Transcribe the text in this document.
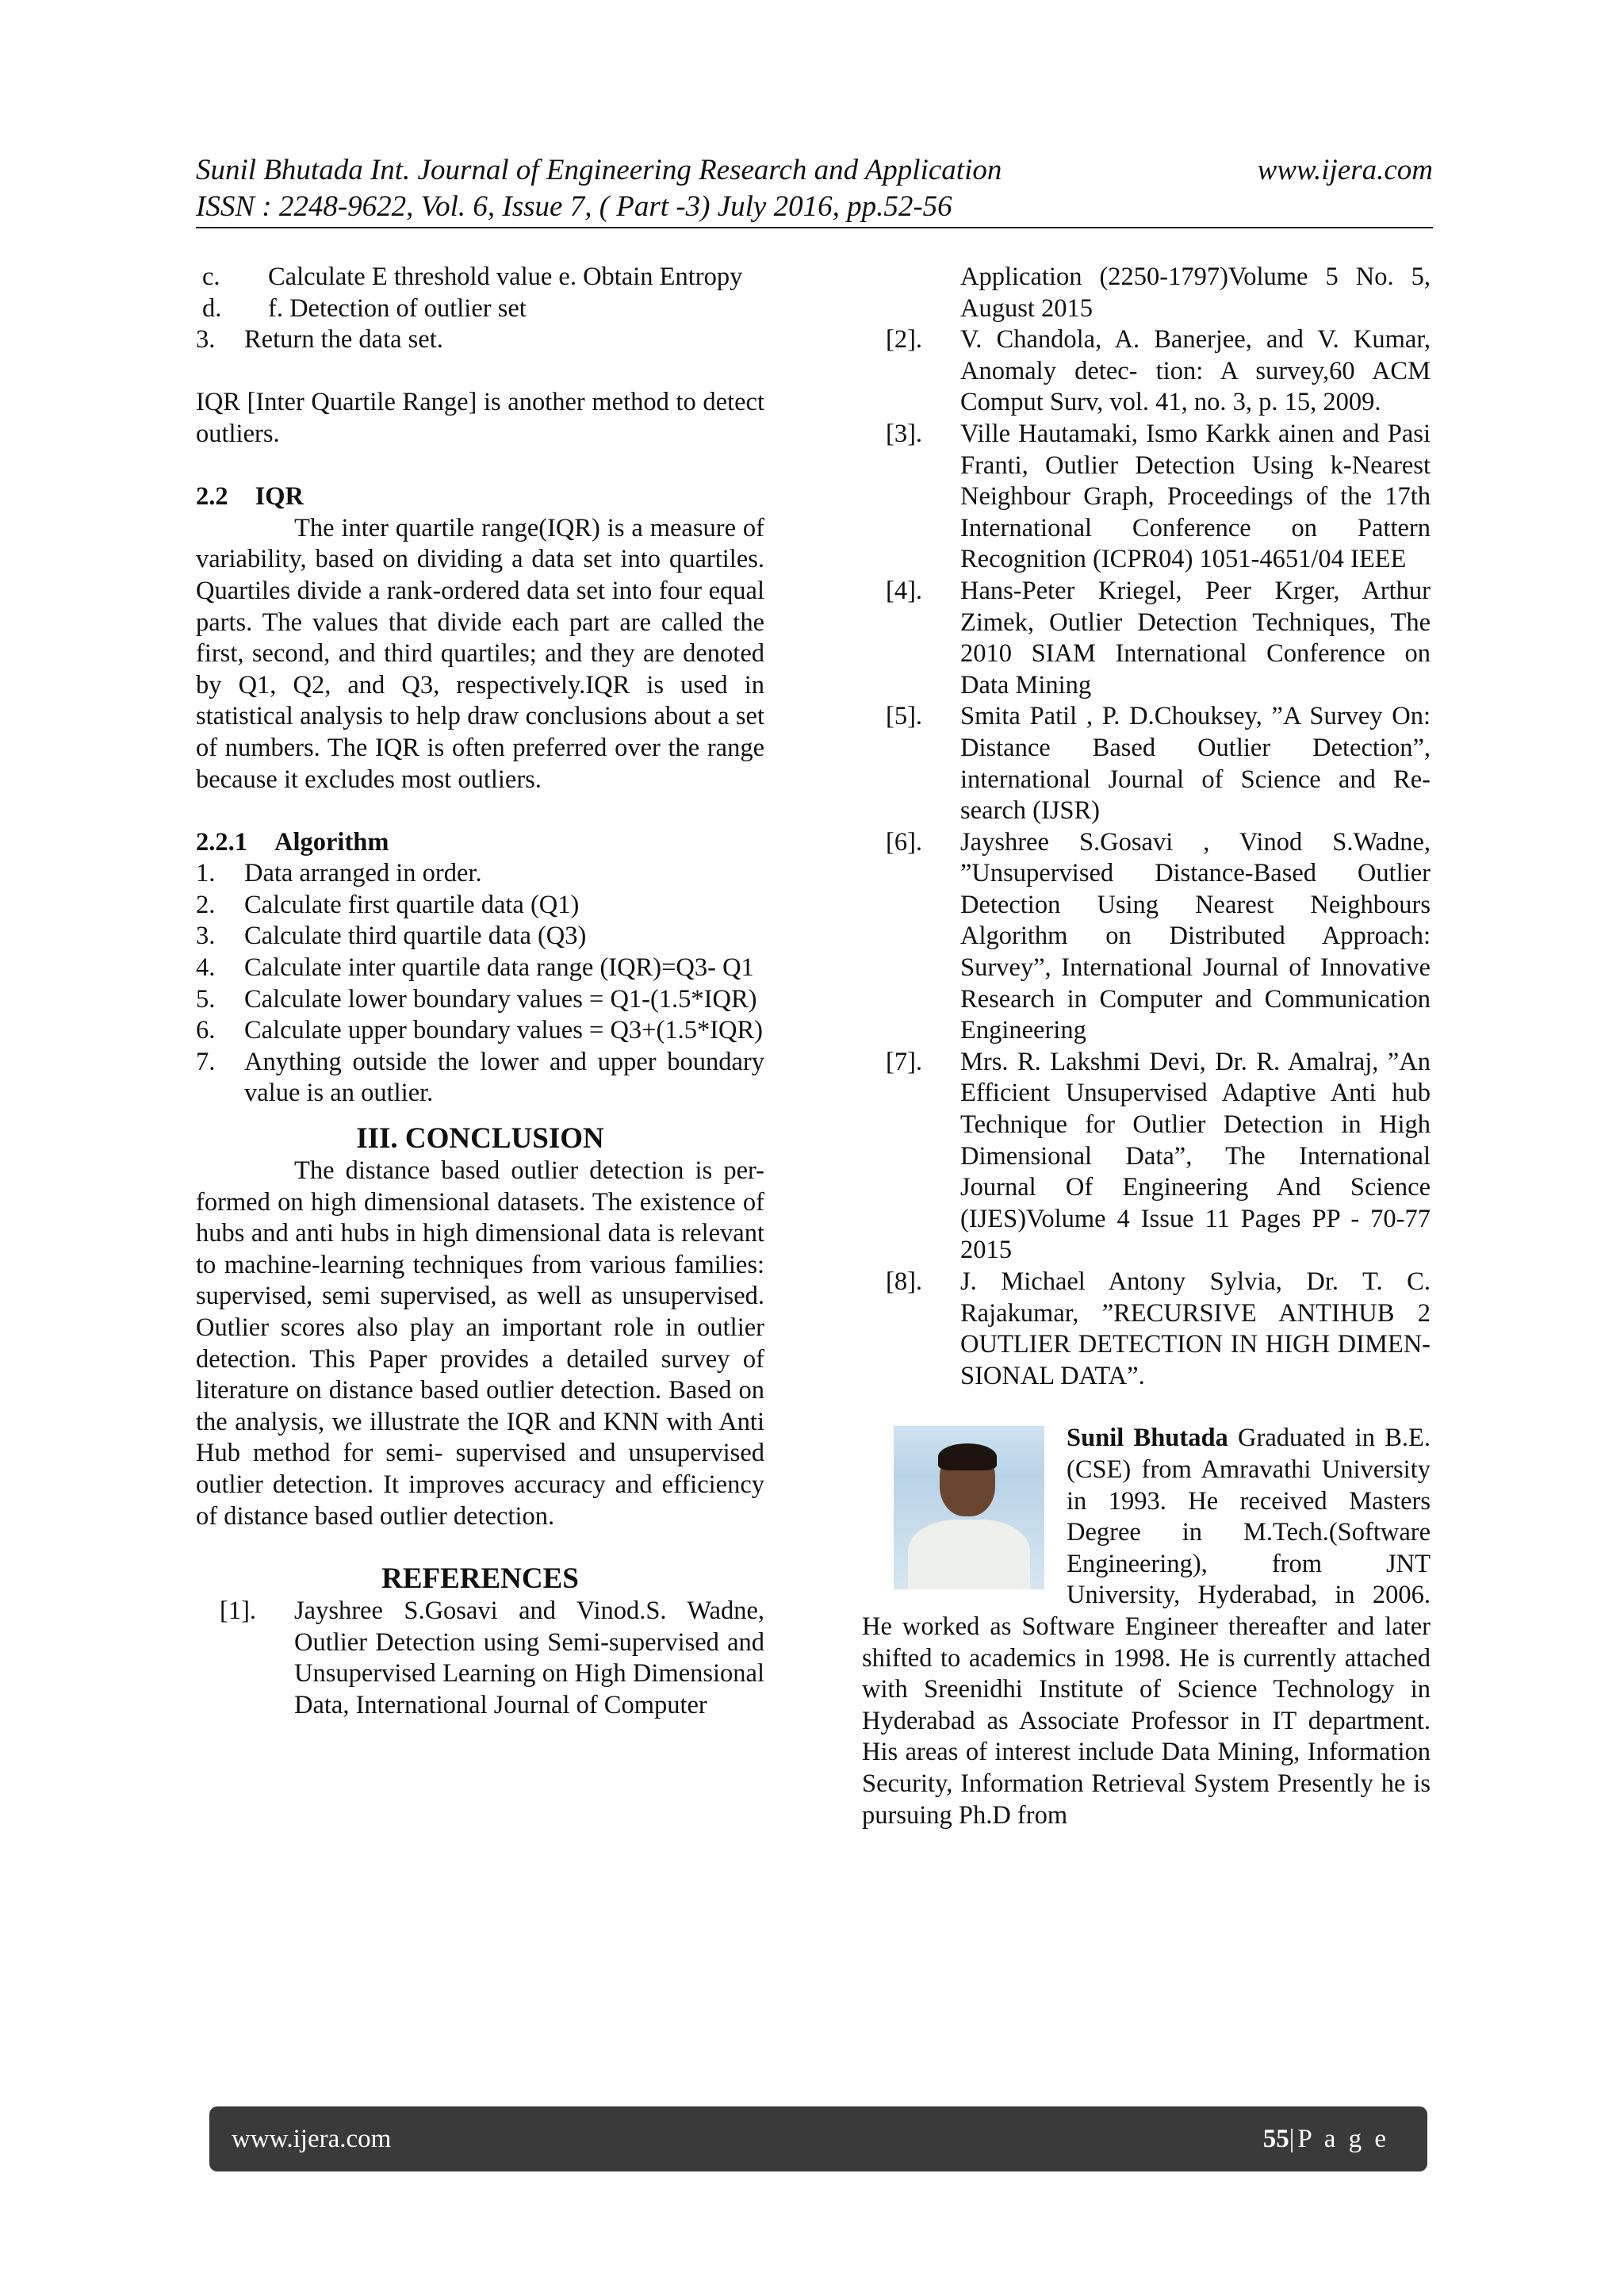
Sunil Bhutada Int. Journal of Engineering Research and Application	www.ijera.com
ISSN : 2248-9622, Vol. 6, Issue 7, ( Part -3) July 2016, pp.52-56
c.	Calculate E threshold value e. Obtain Entropy
d.	f. Detection of outlier set
3.	Return the data set.

IQR [Inter Quartile Range] is another method to detect outliers.

2.2 IQR

The inter quartile range(IQR) is a measure of variability, based on dividing a data set into quartiles. Quartiles divide a rank-ordered data set into four equal parts. The values that divide each part are called the first, second, and third quartiles; and they are denoted by Q1, Q2, and Q3, respectively.IQR is used in statistical analysis to help draw conclusions about a set of numbers. The IQR is often preferred over the range because it excludes most outliers.

2.2.1 Algorithm
1.	Data arranged in order.
2.	Calculate first quartile data (Q1)
3.	Calculate third quartile data (Q3)
4.	Calculate inter quartile data range (IQR)=Q3- Q1
5.	Calculate lower boundary values = Q1-(1.5*IQR)
6.	Calculate upper boundary values = Q3+(1.5*IQR)
7.	Anything outside the lower and upper boundary value is an outlier.
III. CONCLUSION

The distance based outlier detection is per- formed on high dimensional datasets. The existence of hubs and anti hubs in high dimensional data is relevant to machine-learning techniques from various families: supervised, semi supervised, as well as unsupervised. Outlier scores also play an important role in outlier detection. This Paper provides a detailed survey of literature on distance based outlier detection. Based on the analysis, we illustrate the IQR and KNN with Anti Hub method for semi- supervised and unsupervised outlier detection. It improves accuracy and efficiency of distance based outlier detection.

REFERENCES
[1].	Jayshree S.Gosavi and Vinod.S. Wadne, Outlier Detection using Semi-supervised and Unsupervised Learning on High Dimensional Data, International Journal of Computer
Application (2250-1797)Volume 5 No. 5, August 2015
[2].	V. Chandola, A. Banerjee, and V. Kumar, Anomaly detec- tion: A survey,60 ACM Comput Surv, vol. 41, no. 3, p. 15, 2009.
[3].	Ville Hautamaki, Ismo Karkk ainen and Pasi Franti, Outlier Detection Using k-Nearest Neighbour Graph, Proceedings of the 17th International Conference on Pattern Recognition (ICPR04) 1051-4651/04 IEEE
[4].	Hans-Peter Kriegel, Peer Krger, Arthur Zimek, Outlier Detection Techniques, The 2010 SIAM International Conference on Data Mining
[5].	Smita Patil , P. D.Chouksey, ”A Survey On: Distance Based Outlier Detection”, international Journal of Science and Re- search (IJSR)
[6].	Jayshree S.Gosavi , Vinod S.Wadne, ”Unsupervised Distance-Based Outlier Detection Using Nearest Neighbours Algorithm on Distributed Approach: Survey”, International Journal of Innovative Research in Computer and Communication Engineering
[7].	Mrs. R. Lakshmi Devi, Dr. R. Amalraj, ”An Efficient Unsupervised Adaptive Anti hub Technique for Outlier Detection in High Dimensional Data”, The International Journal Of Engineering And Science (IJES)Volume 4 Issue 11 Pages PP - 70-77 2015
[8].	J. Michael Antony Sylvia, Dr. T. C. Rajakumar, ”RECURSIVE ANTIHUB 2 OUTLIER DETECTION IN HIGH DIMEN- SIONAL DATA”.
Sunil Bhutada Graduated in B.E.(CSE) from Amravathi University in 1993. He received Masters Degree in M.Tech.(Software Engineering), from JNT University, Hyderabad, in 2006. He worked as Software Engineer thereafter and later shifted to academics in 1998. He is currently attached with Sreenidhi Institute of Science Technology in Hyderabad as Associate Professor in IT department. His areas of interest include Data Mining, Information Security, Information Retrieval System Presently he is pursuing Ph.D from
www.ijera.com	55|P a g e
